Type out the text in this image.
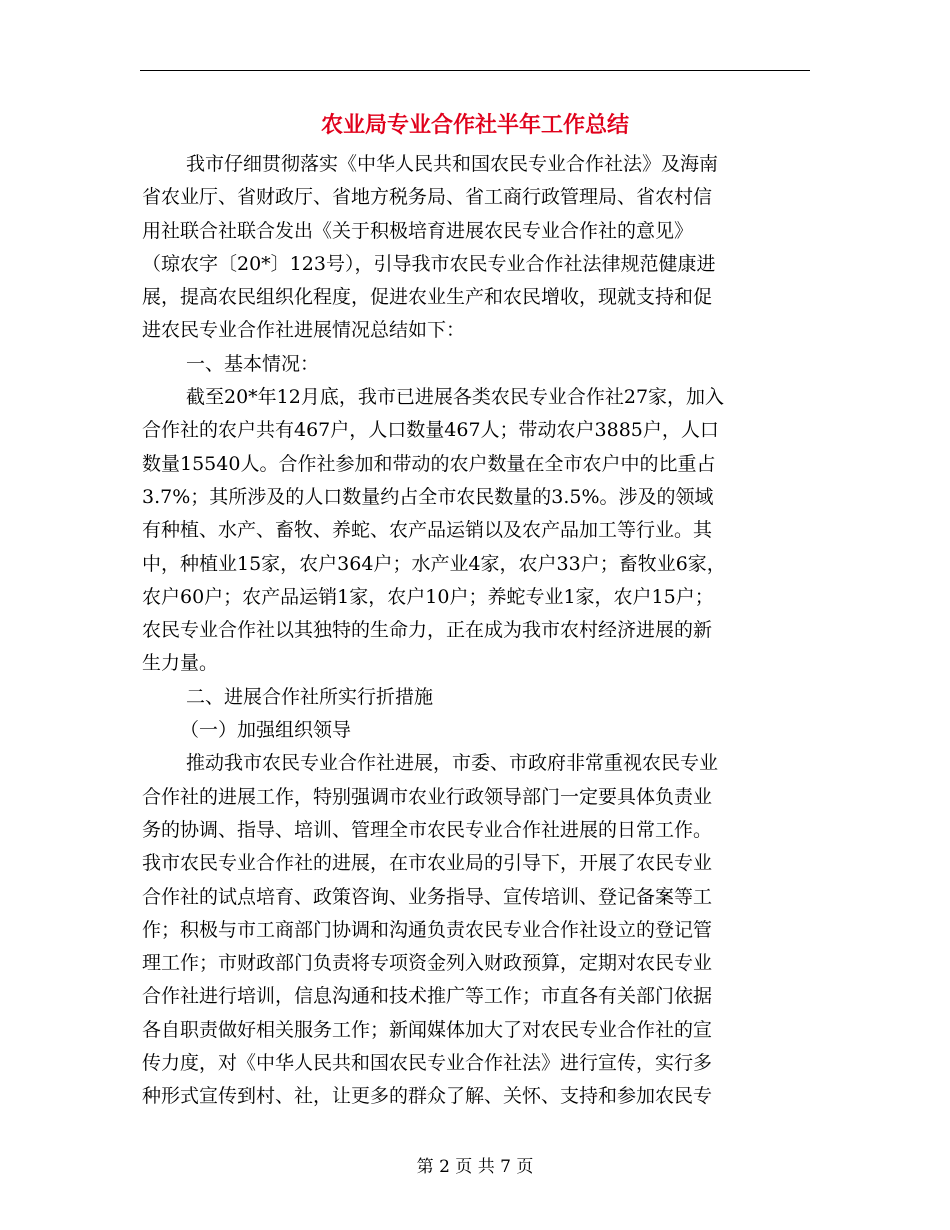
农业局专业合作社半年工作总结
我市仔细贯彻落实《中华人民共和国农民专业合作社法》及海南
省农业厅、省财政厅、省地方税务局、省工商行政管理局、省农村信
用社联合社联合发出《关于积极培育进展农民专业合作社的意见》
（琼农字〔20*〕123号），引导我市农民专业合作社法律规范健康进
展，提高农民组织化程度，促进农业生产和农民增收，现就支持和促
进农民专业合作社进展情况总结如下：
一、基本情况：
截至20*年12月底，我市已进展各类农民专业合作社27家，加入
合作社的农户共有467户，人口数量467人；带动农户3885户，人口
数量15540人。合作社参加和带动的农户数量在全市农户中的比重占
3.7%；其所涉及的人口数量约占全市农民数量的3.5%。涉及的领域
有种植、水产、畜牧、养蛇、农产品运销以及农产品加工等行业。其
中，种植业15家，农户364户；水产业4家，农户33户；畜牧业6家，
农户60户；农产品运销1家，农户10户；养蛇专业1家，农户15户；
农民专业合作社以其独特的生命力，正在成为我市农村经济进展的新
生力量。
二、进展合作社所实行折措施
（一）加强组织领导
推动我市农民专业合作社进展，市委、市政府非常重视农民专业
合作社的进展工作，特别强调市农业行政领导部门一定要具体负责业
务的协调、指导、培训、管理全市农民专业合作社进展的日常工作。
我市农民专业合作社的进展，在市农业局的引导下，开展了农民专业
合作社的试点培育、政策咨询、业务指导、宣传培训、登记备案等工
作；积极与市工商部门协调和沟通负责农民专业合作社设立的登记管
理工作；市财政部门负责将专项资金列入财政预算，定期对农民专业
合作社进行培训，信息沟通和技术推广等工作；市直各有关部门依据
各自职责做好相关服务工作；新闻媒体加大了对农民专业合作社的宣
传力度，对《中华人民共和国农民专业合作社法》进行宣传，实行多
种形式宣传到村、社，让更多的群众了解、关怀、支持和参加农民专
第 2 页 共 7 页
